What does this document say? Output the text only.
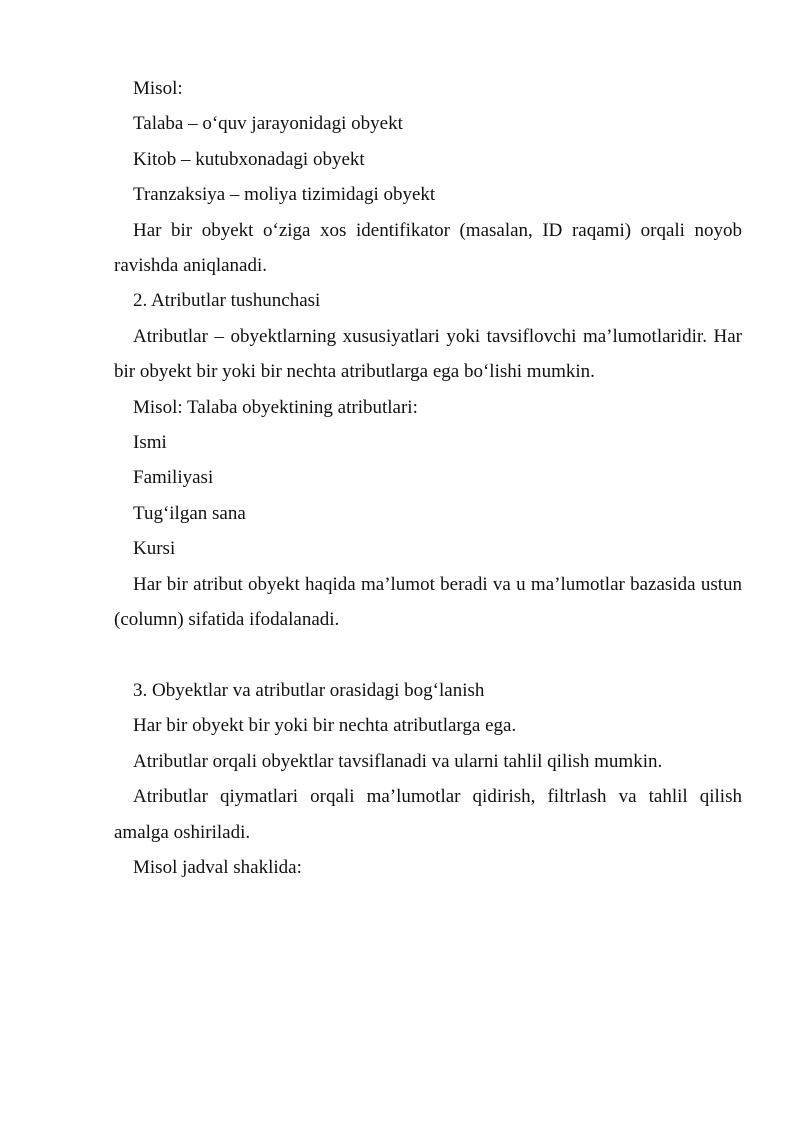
Misol:

Talaba – o‘quv jarayonidagi obyekt

Kitob – kutubxonadagi obyekt

Tranzaksiya – moliya tizimidagi obyekt

Har bir obyekt o‘ziga xos identifikator (masalan, ID raqami) orqali noyob ravishda aniqlanadi.

2. Atributlar tushunchasi

Atributlar – obyektlarning xususiyatlari yoki tavsiflovchi ma’lumotlaridir. Har bir obyekt bir yoki bir nechta atributlarga ega bo‘lishi mumkin.

Misol: Talaba obyektining atributlari:

Ismi

Familiyasi

Tug‘ilgan sana

Kursi

Har bir atribut obyekt haqida ma’lumot beradi va u ma’lumotlar bazasida ustun (column) sifatida ifodalanadi.

3. Obyektlar va atributlar orasidagi bog‘lanish

Har bir obyekt bir yoki bir nechta atributlarga ega.

Atributlar orqali obyektlar tavsiflanadi va ularni tahlil qilish mumkin.

Atributlar qiymatlari orqali ma’lumotlar qidirish, filtrlash va tahlil qilish amalga oshiriladi.

Misol jadval shaklida:
